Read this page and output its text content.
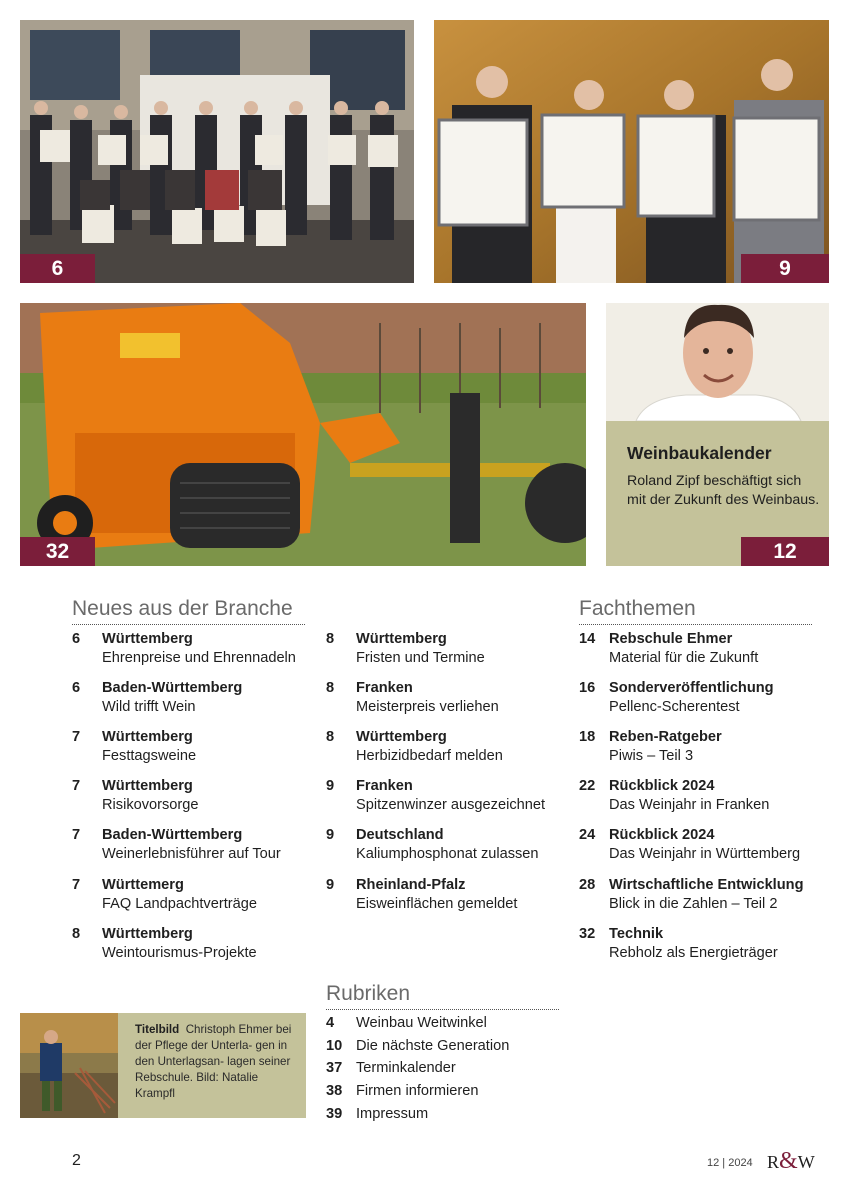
6	9
32
Weinbaukalender
Roland Zipf beschäftigt sich mit der Zukunft des Weinbaus.
12
Neues aus der Branche	Fachthemen
Rubriken
6 Württemberg
Ehrenpreise und Ehrennadeln
6 Baden-Württemberg
Wild trifft Wein
7 Württemberg
Festtagsweine
7 Württemberg
Risikovorsorge
7 Baden-Württemberg
Weinerlebnisführer auf Tour
7 Württemerg
FAQ Landpachtverträge
8 Württemberg
Weintourismus-Projekte
8 Württemberg
Fristen und Termine
8 Franken
Meisterpreis verliehen
8 Württemberg
Herbizidbedarf melden
9 Franken
Spitzenwinzer ausgezeichnet
9 Deutschland
Kaliumphosphonat zulassen
9 Rheinland-Pfalz
Eisweinflächen gemeldet
14 Rebschule Ehmer
Material für die Zukunft
16 Sonderveröffentlichung
Pellenc-Scherentest
18 Reben-Ratgeber
Piwis – Teil 3
22 Rückblick 2024
Das Weinjahr in Franken
24 Rückblick 2024
Das Weinjahr in Württemberg
28 Wirtschaftliche Entwicklung
Blick in die Zahlen – Teil 2
32 Technik
Rebholz als Energieträger
4 Weinbau Weitwinkel
10 Die nächste Generation
37 Terminkalender
38 Firmen informieren
39 Impressum
Titelbild Christoph Ehmer bei der Pflege der Unterla- gen in den Unterlagsan- lagen seiner Rebschule. Bild: Natalie Krampfl
2	12 | 2024 R&W
